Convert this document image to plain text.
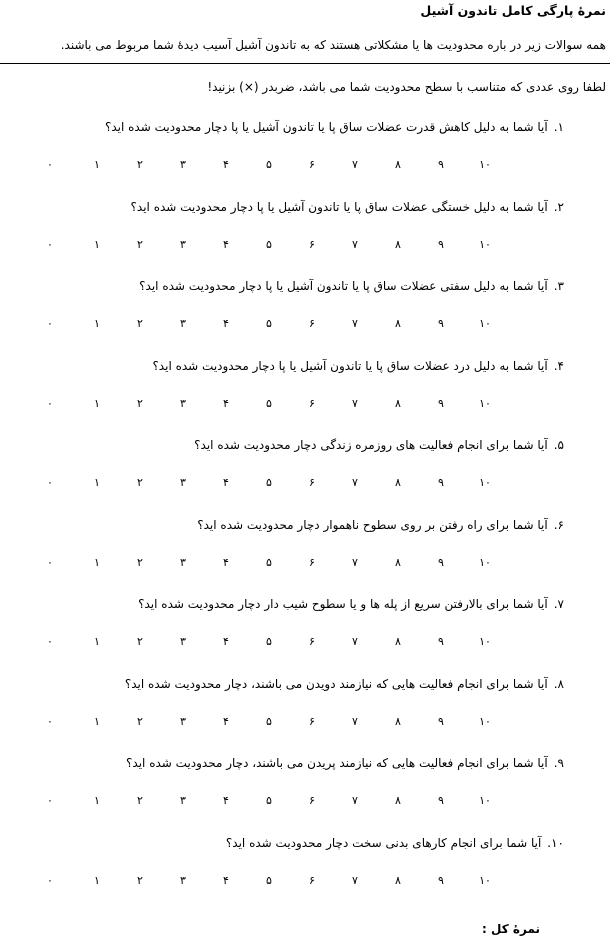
نمرهٔ پارگی کامل تاندون آشیل
همه سوالات زیر در باره محدودیت ها یا مشکلاتی هستند که به تاندون آشیل آسیب دیدهٔ شما مربوط می باشند.
لطفا روی عددی که متناسب با سطح محدودیت شما می باشد، ضربدر (×) بزنید!
۱.آیا شما به دلیل کاهش قدرت عضلات ساق پا یا تاندون آشیل یا پا دچار محدودیت شده اید؟
۰	۱	۲	۳	۴	۵	۶	۷	۸	۹	۱۰
۲.آیا شما به دلیل خستگی عضلات ساق پا یا تاندون آشیل یا پا دچار محدودیت شده اید؟
۰	۱	۲	۳	۴	۵	۶	۷	۸	۹	۱۰
۳.آیا شما به دلیل سفتی عضلات ساق پا یا تاندون آشیل یا پا دچار محدودیت شده اید؟
۰	۱	۲	۳	۴	۵	۶	۷	۸	۹	۱۰
۴.آیا شما به دلیل درد عضلات ساق پا یا تاندون آشیل یا پا دچار محدودیت شده اید؟
۰	۱	۲	۳	۴	۵	۶	۷	۸	۹	۱۰
۵.آیا شما برای انجام فعالیت های روزمره زندگی دچار محدودیت شده اید؟
۰	۱	۲	۳	۴	۵	۶	۷	۸	۹	۱۰
۶.آیا شما برای راه رفتن بر روی سطوح ناهموار دچار محدودیت شده اید؟
۰	۱	۲	۳	۴	۵	۶	۷	۸	۹	۱۰
۷.آیا شما برای بالارفتن سریع از پله ها و یا سطوح شیب دار دچار محدودیت شده اید؟
۰	۱	۲	۳	۴	۵	۶	۷	۸	۹	۱۰
۸.آیا شما برای انجام فعالیت هایی که نیازمند دویدن می باشند، دچار محدودیت شده اید؟
۰	۱	۲	۳	۴	۵	۶	۷	۸	۹	۱۰
۹.آیا شما برای انجام فعالیت هایی که نیازمند پریدن می باشند، دچار محدودیت شده اید؟
۰	۱	۲	۳	۴	۵	۶	۷	۸	۹	۱۰
۱۰.آیا شما برای انجام کارهای بدنی سخت دچار محدودیت شده اید؟
۰	۱	۲	۳	۴	۵	۶	۷	۸	۹	۱۰
نمرهٔ کل :
